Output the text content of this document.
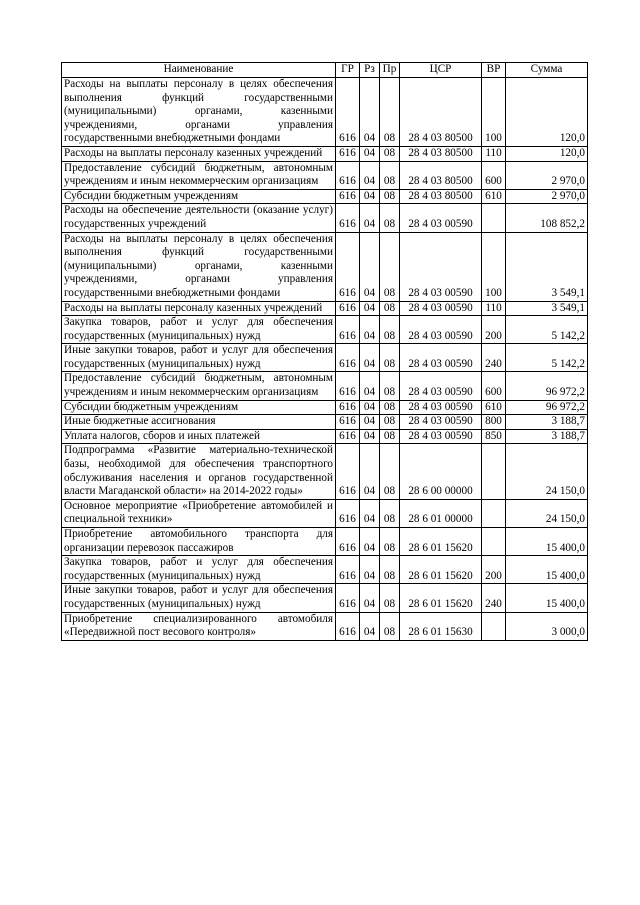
Наименование	ГР	Рз	Пр	ЦСР	ВР	Сумма
Расходы на выплаты персоналу в целях обеспечения выполнения функций государственными (муниципальными) органами, казенными учреждениями, органами управления государственными внебюджетными фондами	616	04	08	28 4 03 80500	100	120,0
Расходы на выплаты персоналу казенных учреждений	616	04	08	28 4 03 80500	110	120,0
Предоставление субсидий бюджетным, автономным учреждениям и иным некоммерческим организациям	616	04	08	28 4 03 80500	600	2 970,0
Субсидии бюджетным учреждениям	616	04	08	28 4 03 80500	610	2 970,0
Расходы на обеспечение деятельности (оказание услуг) государственных учреждений	616	04	08	28 4 03 00590		108 852,2
Расходы на выплаты персоналу в целях обеспечения выполнения функций государственными (муниципальными) органами, казенными учреждениями, органами управления государственными внебюджетными фондами	616	04	08	28 4 03 00590	100	3 549,1
Расходы на выплаты персоналу казенных учреждений	616	04	08	28 4 03 00590	110	3 549,1
Закупка товаров, работ и услуг для обеспечения государственных (муниципальных) нужд	616	04	08	28 4 03 00590	200	5 142,2
Иные закупки товаров, работ и услуг для обеспечения государственных (муниципальных) нужд	616	04	08	28 4 03 00590	240	5 142,2
Предоставление субсидий бюджетным, автономным учреждениям и иным некоммерческим организациям	616	04	08	28 4 03 00590	600	96 972,2
Субсидии бюджетным учреждениям	616	04	08	28 4 03 00590	610	96 972,2
Иные бюджетные ассигнования	616	04	08	28 4 03 00590	800	3 188,7
Уплата налогов, сборов и иных платежей	616	04	08	28 4 03 00590	850	3 188,7
Подпрограмма «Развитие материально-технической базы, необходимой для обеспечения транспортного обслуживания населения и органов государственной власти Магаданской области» на 2014-2022 годы»	616	04	08	28 6 00 00000		24 150,0
Основное мероприятие «Приобретение автомобилей и специальной техники»	616	04	08	28 6 01 00000		24 150,0
Приобретение автомобильного транспорта для организации перевозок пассажиров	616	04	08	28 6 01 15620		15 400,0
Закупка товаров, работ и услуг для обеспечения государственных (муниципальных) нужд	616	04	08	28 6 01 15620	200	15 400,0
Иные закупки товаров, работ и услуг для обеспечения государственных (муниципальных) нужд	616	04	08	28 6 01 15620	240	15 400,0
Приобретение специализированного автомобиля «Передвижной пост весового контроля»	616	04	08	28 6 01 15630		3 000,0
